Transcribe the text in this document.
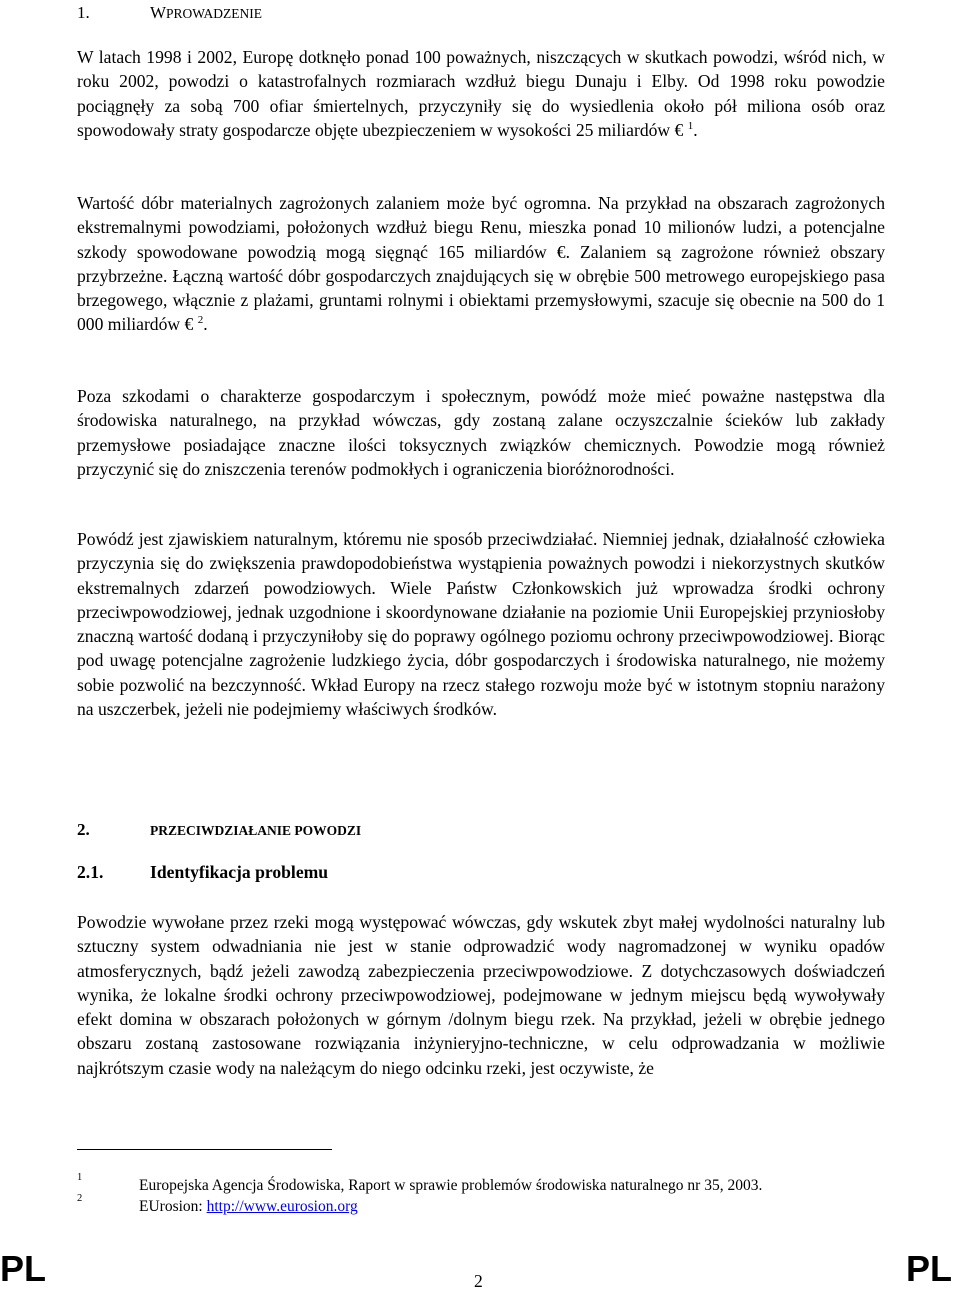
1.	WPROWADZENIE

W latach 1998 i 2002, Europę dotknęło ponad 100 poważnych, niszczących w skutkach powodzi, wśród nich, w roku 2002, powodzi o katastrofalnych rozmiarach wzdłuż biegu Dunaju i Elby. Od 1998 roku powodzie pociągnęły za sobą 700 ofiar śmiertelnych, przyczyniły się do wysiedlenia około pół miliona osób oraz spowodowały straty gospodarcze objęte ubezpieczeniem w wysokości 25 miliardów € $^1$.

Wartość dóbr materialnych zagrożonych zalaniem może być ogromna. Na przykład na obszarach zagrożonych ekstremalnymi powodziami, położonych wzdłuż biegu Renu, mieszka ponad 10 milionów ludzi, a potencjalne szkody spowodowane powodzią mogą sięgnąć 165 miliardów €. Zalaniem są zagrożone również obszary przybrzeżne. Łączną wartość dóbr gospodarczych znajdujących się w obrębie 500 metrowego europejskiego pasa brzegowego, włącznie z plażami, gruntami rolnymi i obiektami przemysłowymi, szacuje się obecnie na 500 do 1 000 miliardów € $^2$.

Poza szkodami o charakterze gospodarczym i społecznym, powódź może mieć poważne następstwa dla środowiska naturalnego, na przykład wówczas, gdy zostaną zalane oczyszczalnie ścieków lub zakłady przemysłowe posiadające znaczne ilości toksycznych związków chemicznych. Powodzie mogą również przyczynić się do zniszczenia terenów podmokłych i ograniczenia bioróżnorodności.

Powódź jest zjawiskiem naturalnym, któremu nie sposób przeciwdziałać. Niemniej jednak, działalność człowieka przyczynia się do zwiększenia prawdopodobieństwa wystąpienia poważnych powodzi i niekorzystnych skutków ekstremalnych zdarzeń powodziowych. Wiele Państw Członkowskich już wprowadza środki ochrony przeciwpowodziowej, jednak uzgodnione i skoordynowane działanie na poziomie Unii Europejskiej przyniosłoby znaczną wartość dodaną i przyczyniłoby się do poprawy ogólnego poziomu ochrony przeciwpowodziowej. Biorąc pod uwagę potencjalne zagrożenie ludzkiego życia, dóbr gospodarczych i środowiska naturalnego, nie możemy sobie pozwolić na bezczynność. Wkład Europy na rzecz stałego rozwoju może być w istotnym stopniu narażony na uszczerbek, jeżeli nie podejmiemy właściwych środków.

2.	PRZECIWDZIAŁANIE POWODZI
2.1.	Identyfikacja problemu

Powodzie wywołane przez rzeki mogą występować wówczas, gdy wskutek zbyt małej wydolności naturalny lub sztuczny system odwadniania nie jest w stanie odprowadzić wody nagromadzonej w wyniku opadów atmosferycznych, bądź jeżeli zawodzą zabezpieczenia przeciwpowodziowe. Z dotychczasowych doświadczeń wynika, że lokalne środki ochrony przeciwpowodziowej, podejmowane w jednym miejscu będą wywoływały efekt domina w obszarach położonych w górnym /dolnym biegu rzek. Na przykład, jeżeli w obrębie jednego obszaru zostaną zastosowane rozwiązania inżynieryjno-techniczne, w celu odprowadzania w możliwie najkrótszym czasie wody na należącym do niego odcinku rzeki, jest oczywiste, że

1	Europejska Agencja Środowiska, Raport w sprawie problemów środowiska naturalnego nr 35, 2003.
2	EUrosion: http://www.eurosion.org
PL	2	PL
